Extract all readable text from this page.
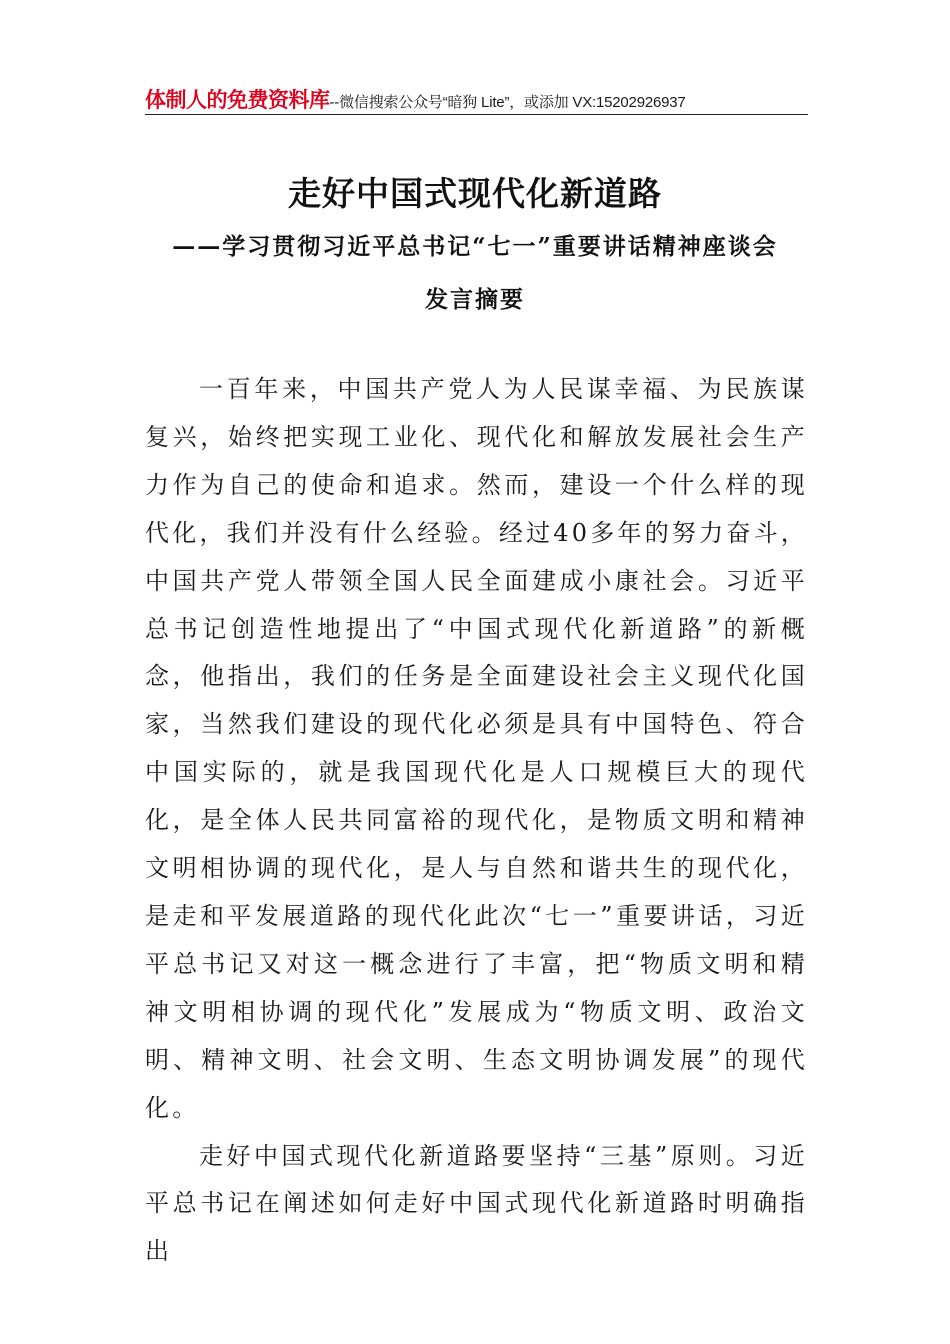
体制人的免费资料库--微信搜索公众号“暗狗 Lite”，或添加 VX:15202926937
走好中国式现代化新道路
——学习贯彻习近平总书记“七一”重要讲话精神座谈会
发言摘要

一百年来，中国共产党人为人民谋幸福、为民族谋复兴，始终把实现工业化、现代化和解放发展社会生产力作为自己的使命和追求。然而，建设一个什么样的现代化，我们并没有什么经验。经过40多年的努力奋斗，中国共产党人带领全国人民全面建成小康社会。习近平总书记创造性地提出了“中国式现代化新道路”的新概念，他指出，我们的任务是全面建设社会主义现代化国家，当然我们建设的现代化必须是具有中国特色、符合中国实际的，就是我国现代化是人口规模巨大的现代化，是全体人民共同富裕的现代化，是物质文明和精神文明相协调的现代化，是人与自然和谐共生的现代化，是走和平发展道路的现代化此次“七一”重要讲话，习近平总书记又对这一概念进行了丰富，把“物质文明和精神文明相协调的现代化”发展成为“物质文明、政治文明、精神文明、社会文明、生态文明协调发展”的现代化。

走好中国式现代化新道路要坚持“三基”原则。习近平总书记在阐述如何走好中国式现代化新道路时明确指出
